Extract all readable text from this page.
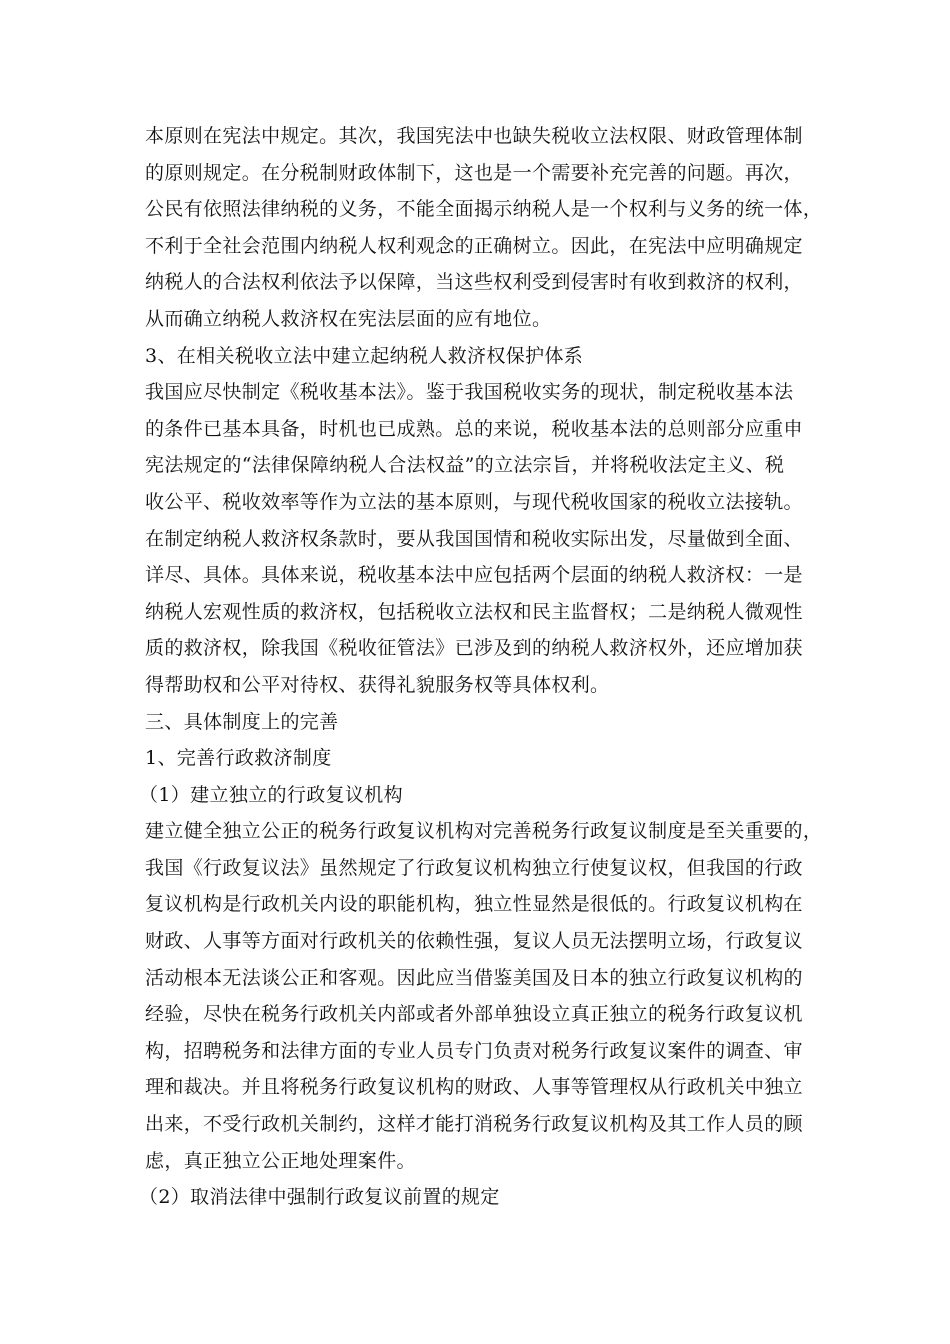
本原则在宪法中规定。其次，我国宪法中也缺失税收立法权限、财政管理体制
的原则规定。在分税制财政体制下，这也是一个需要补充完善的问题。再次，
公民有依照法律纳税的义务，不能全面揭示纳税人是一个权利与义务的统一体，
不利于全社会范围内纳税人权利观念的正确树立。因此，在宪法中应明确规定
纳税人的合法权利依法予以保障，当这些权利受到侵害时有收到救济的权利，
从而确立纳税人救济权在宪法层面的应有地位。
3、在相关税收立法中建立起纳税人救济权保护体系
我国应尽快制定《税收基本法》。鉴于我国税收实务的现状，制定税收基本法
的条件已基本具备，时机也已成熟。总的来说，税收基本法的总则部分应重申
宪法规定的“法律保障纳税人合法权益”的立法宗旨，并将税收法定主义、税
收公平、税收效率等作为立法的基本原则，与现代税收国家的税收立法接轨。
在制定纳税人救济权条款时，要从我国国情和税收实际出发，尽量做到全面、
详尽、具体。具体来说，税收基本法中应包括两个层面的纳税人救济权：一是
纳税人宏观性质的救济权，包括税收立法权和民主监督权；二是纳税人微观性
质的救济权，除我国《税收征管法》已涉及到的纳税人救济权外，还应增加获
得帮助权和公平对待权、获得礼貌服务权等具体权利。
三、具体制度上的完善
1、完善行政救济制度
（1）建立独立的行政复议机构
建立健全独立公正的税务行政复议机构对完善税务行政复议制度是至关重要的，
我国《行政复议法》虽然规定了行政复议机构独立行使复议权，但我国的行政
复议机构是行政机关内设的职能机构，独立性显然是很低的。行政复议机构在
财政、人事等方面对行政机关的依赖性强，复议人员无法摆明立场，行政复议
活动根本无法谈公正和客观。因此应当借鉴美国及日本的独立行政复议机构的
经验，尽快在税务行政机关内部或者外部单独设立真正独立的税务行政复议机
构，招聘税务和法律方面的专业人员专门负责对税务行政复议案件的调查、审
理和裁决。并且将税务行政复议机构的财政、人事等管理权从行政机关中独立
出来，不受行政机关制约，这样才能打消税务行政复议机构及其工作人员的顾
虑，真正独立公正地处理案件。
（2）取消法律中强制行政复议前置的规定
